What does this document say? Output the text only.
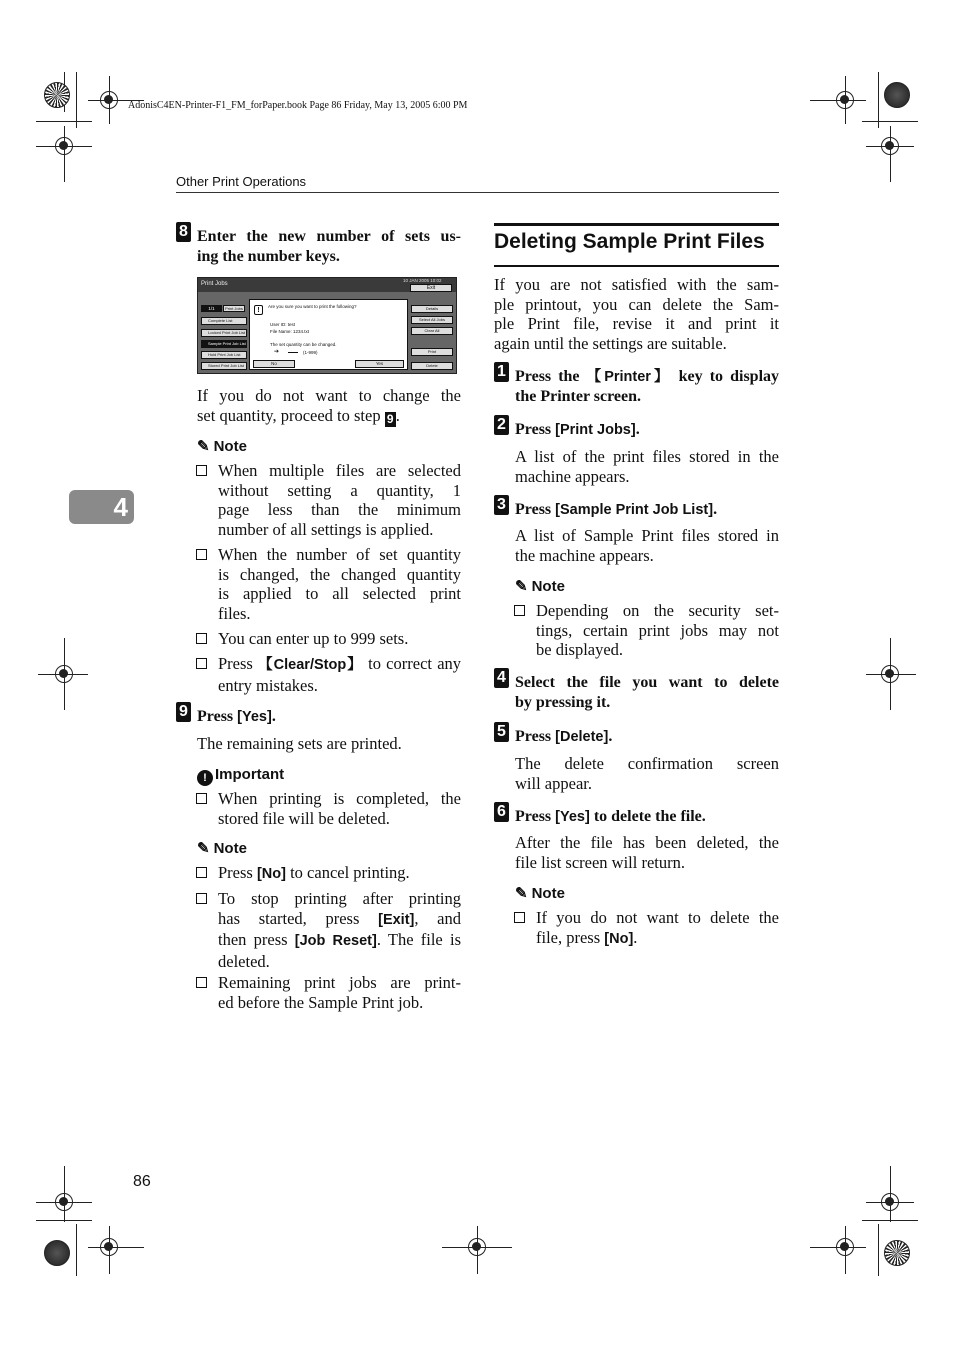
AdonisC4EN-Printer-F1_FM_forPaper.book Page 86 Friday, May 13, 2005 6:00 PM
Other Print Operations
4
8 Enter the new number of sets us-
ing the number keys.
Print Jobs
10 JAN 2005 10:02
Exit
1/1	Print Jobs
Complete List
Locked Print Job List
Sample Print Job List
Hold Print Job List
Stored Print Job List
Details
Select All Jobs
Clear All
Print
Delete
!
Are you sure you want to print the following?
User ID: test
File Name: 1234.txt
The set quantity can be changed.
➔	(1-999)
No	Yes
If you do not want to change the
set quantity, proceed to step 9 .
✎ Note
When multiple files are selected
without setting a quantity, 1
page less than the minimum
number of all settings is applied.
When the number of set quantity
is changed, the changed quantity
is applied to all selected print
files.
You can enter up to 999 sets.
Press 【Clear/Stop】 to correct any
entry mistakes.
9 Press [Yes].
The remaining sets are printed.
! Important
When printing is completed, the
stored file will be deleted.
✎ Note
Press [No] to cancel printing.
To stop printing after printing
has started, press [Exit], and
then press [Job Reset]. The file is
deleted.
Remaining print jobs are print-
ed before the Sample Print job.
Deleting Sample Print Files
If you are not satisfied with the sam-
ple printout, you can delete the Sam-
ple Print file, revise it and print it
again until the settings are suitable.
1 Press the 【Printer】 key to display
the Printer screen.
2 Press [Print Jobs].
A list of the print files stored in the
machine appears.
3 Press [Sample Print Job List].
A list of Sample Print files stored in
the machine appears.
✎ Note
Depending on the security set-
tings, certain print jobs may not
be displayed.
4 Select the file you want to delete
by pressing it.
5 Press [Delete].
The delete confirmation screen
will appear.
6 Press [Yes] to delete the file.
After the file has been deleted, the
file list screen will return.
✎ Note
If you do not want to delete the
file, press [No].
86
